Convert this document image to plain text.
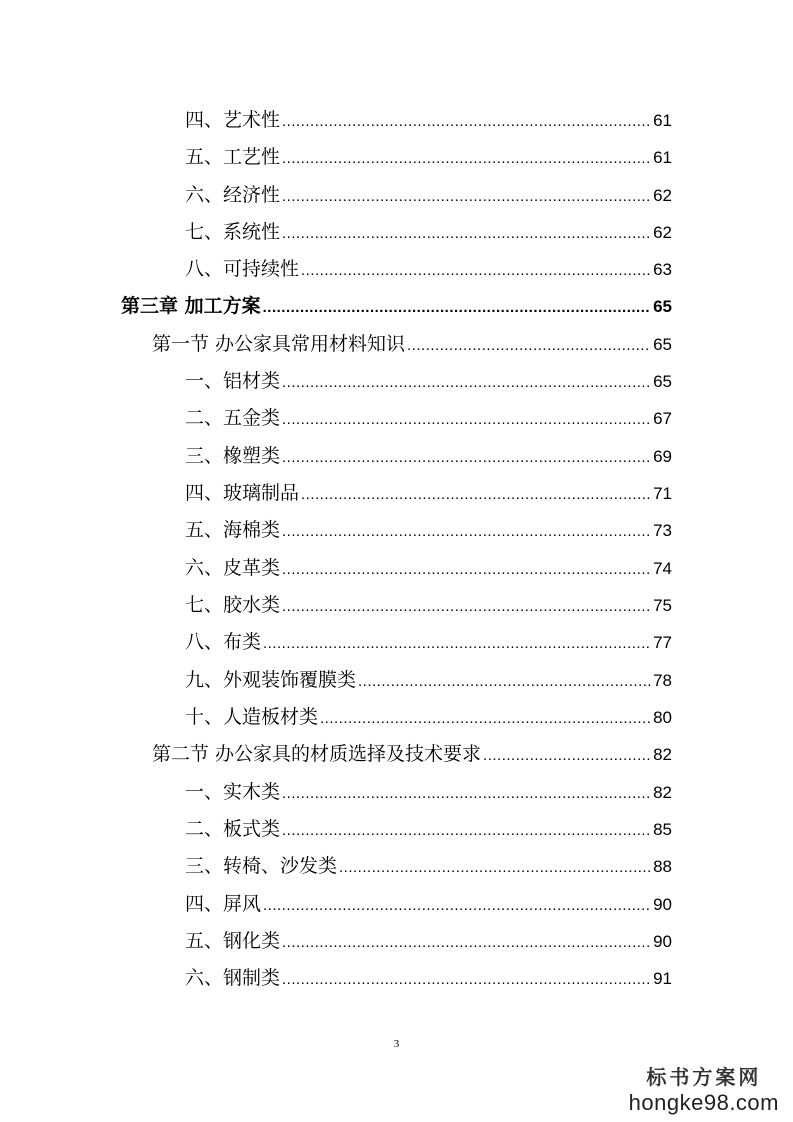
四、艺术性 .....	61
五、工艺性 .....	61
六、经济性 .....	62
七、系统性 .....	62
八、可持续性 .....	63
第三章 加工方案 .....	65
第一节 办公家具常用材料知识 .....	65
一、铝材类 .....	65
二、五金类 .....	67
三、橡塑类 .....	69
四、玻璃制品 .....	71
五、海棉类 .....	73
六、皮革类 .....	74
七、胶水类 .....	75
八、布类 .....	77
九、外观装饰覆膜类 .....	78
十、人造板材类 .....	80
第二节 办公家具的材质选择及技术要求 .....	82
一、实木类 .....	82
二、板式类 .....	85
三、转椅、沙发类 .....	88
四、屏风 .....	90
五、钢化类 .....	90
六、钢制类 .....	91
3
标书方案网
hongke98.com
